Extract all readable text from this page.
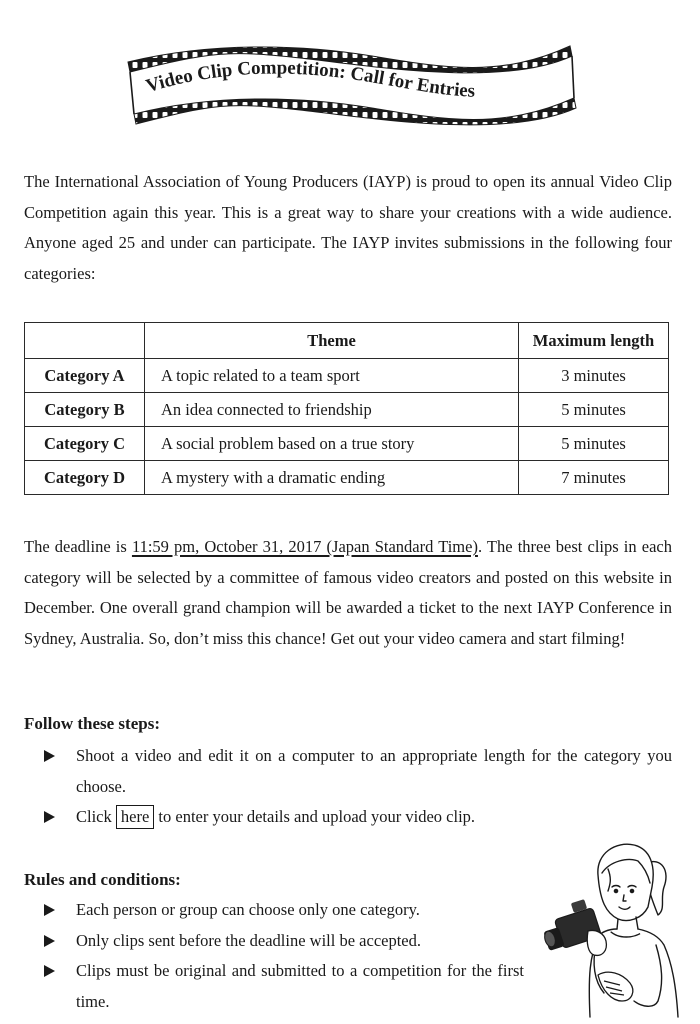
Video Clip Competition: Call for Entries

The International Association of Young Producers (IAYP) is proud to open its annual Video Clip Competition again this year. This is a great way to share your creations with a wide audience. Anyone aged 25 and under can participate. The IAYP invites submissions in the following four categories:

	Theme	Maximum length
Category A	A topic related to a team sport	3 minutes
Category B	An idea connected to friendship	5 minutes
Category C	A social problem based on a true story	5 minutes
Category D	A mystery with a dramatic ending	7 minutes

The deadline is 11:59 pm, October 31, 2017 (Japan Standard Time). The three best clips in each category will be selected by a committee of famous video creators and posted on this website in December. One overall grand champion will be awarded a ticket to the next IAYP Conference in Sydney, Australia. So, don’t miss this chance! Get out your video camera and start filming!

Follow these steps:
Shoot a video and edit it on a computer to an appropriate length for the category you choose.
Click here to enter your details and upload your video clip.
Rules and conditions:
Each person or group can choose only one category.
Only clips sent before the deadline will be accepted.
Clips must be original and submitted to a competition for the first time.
